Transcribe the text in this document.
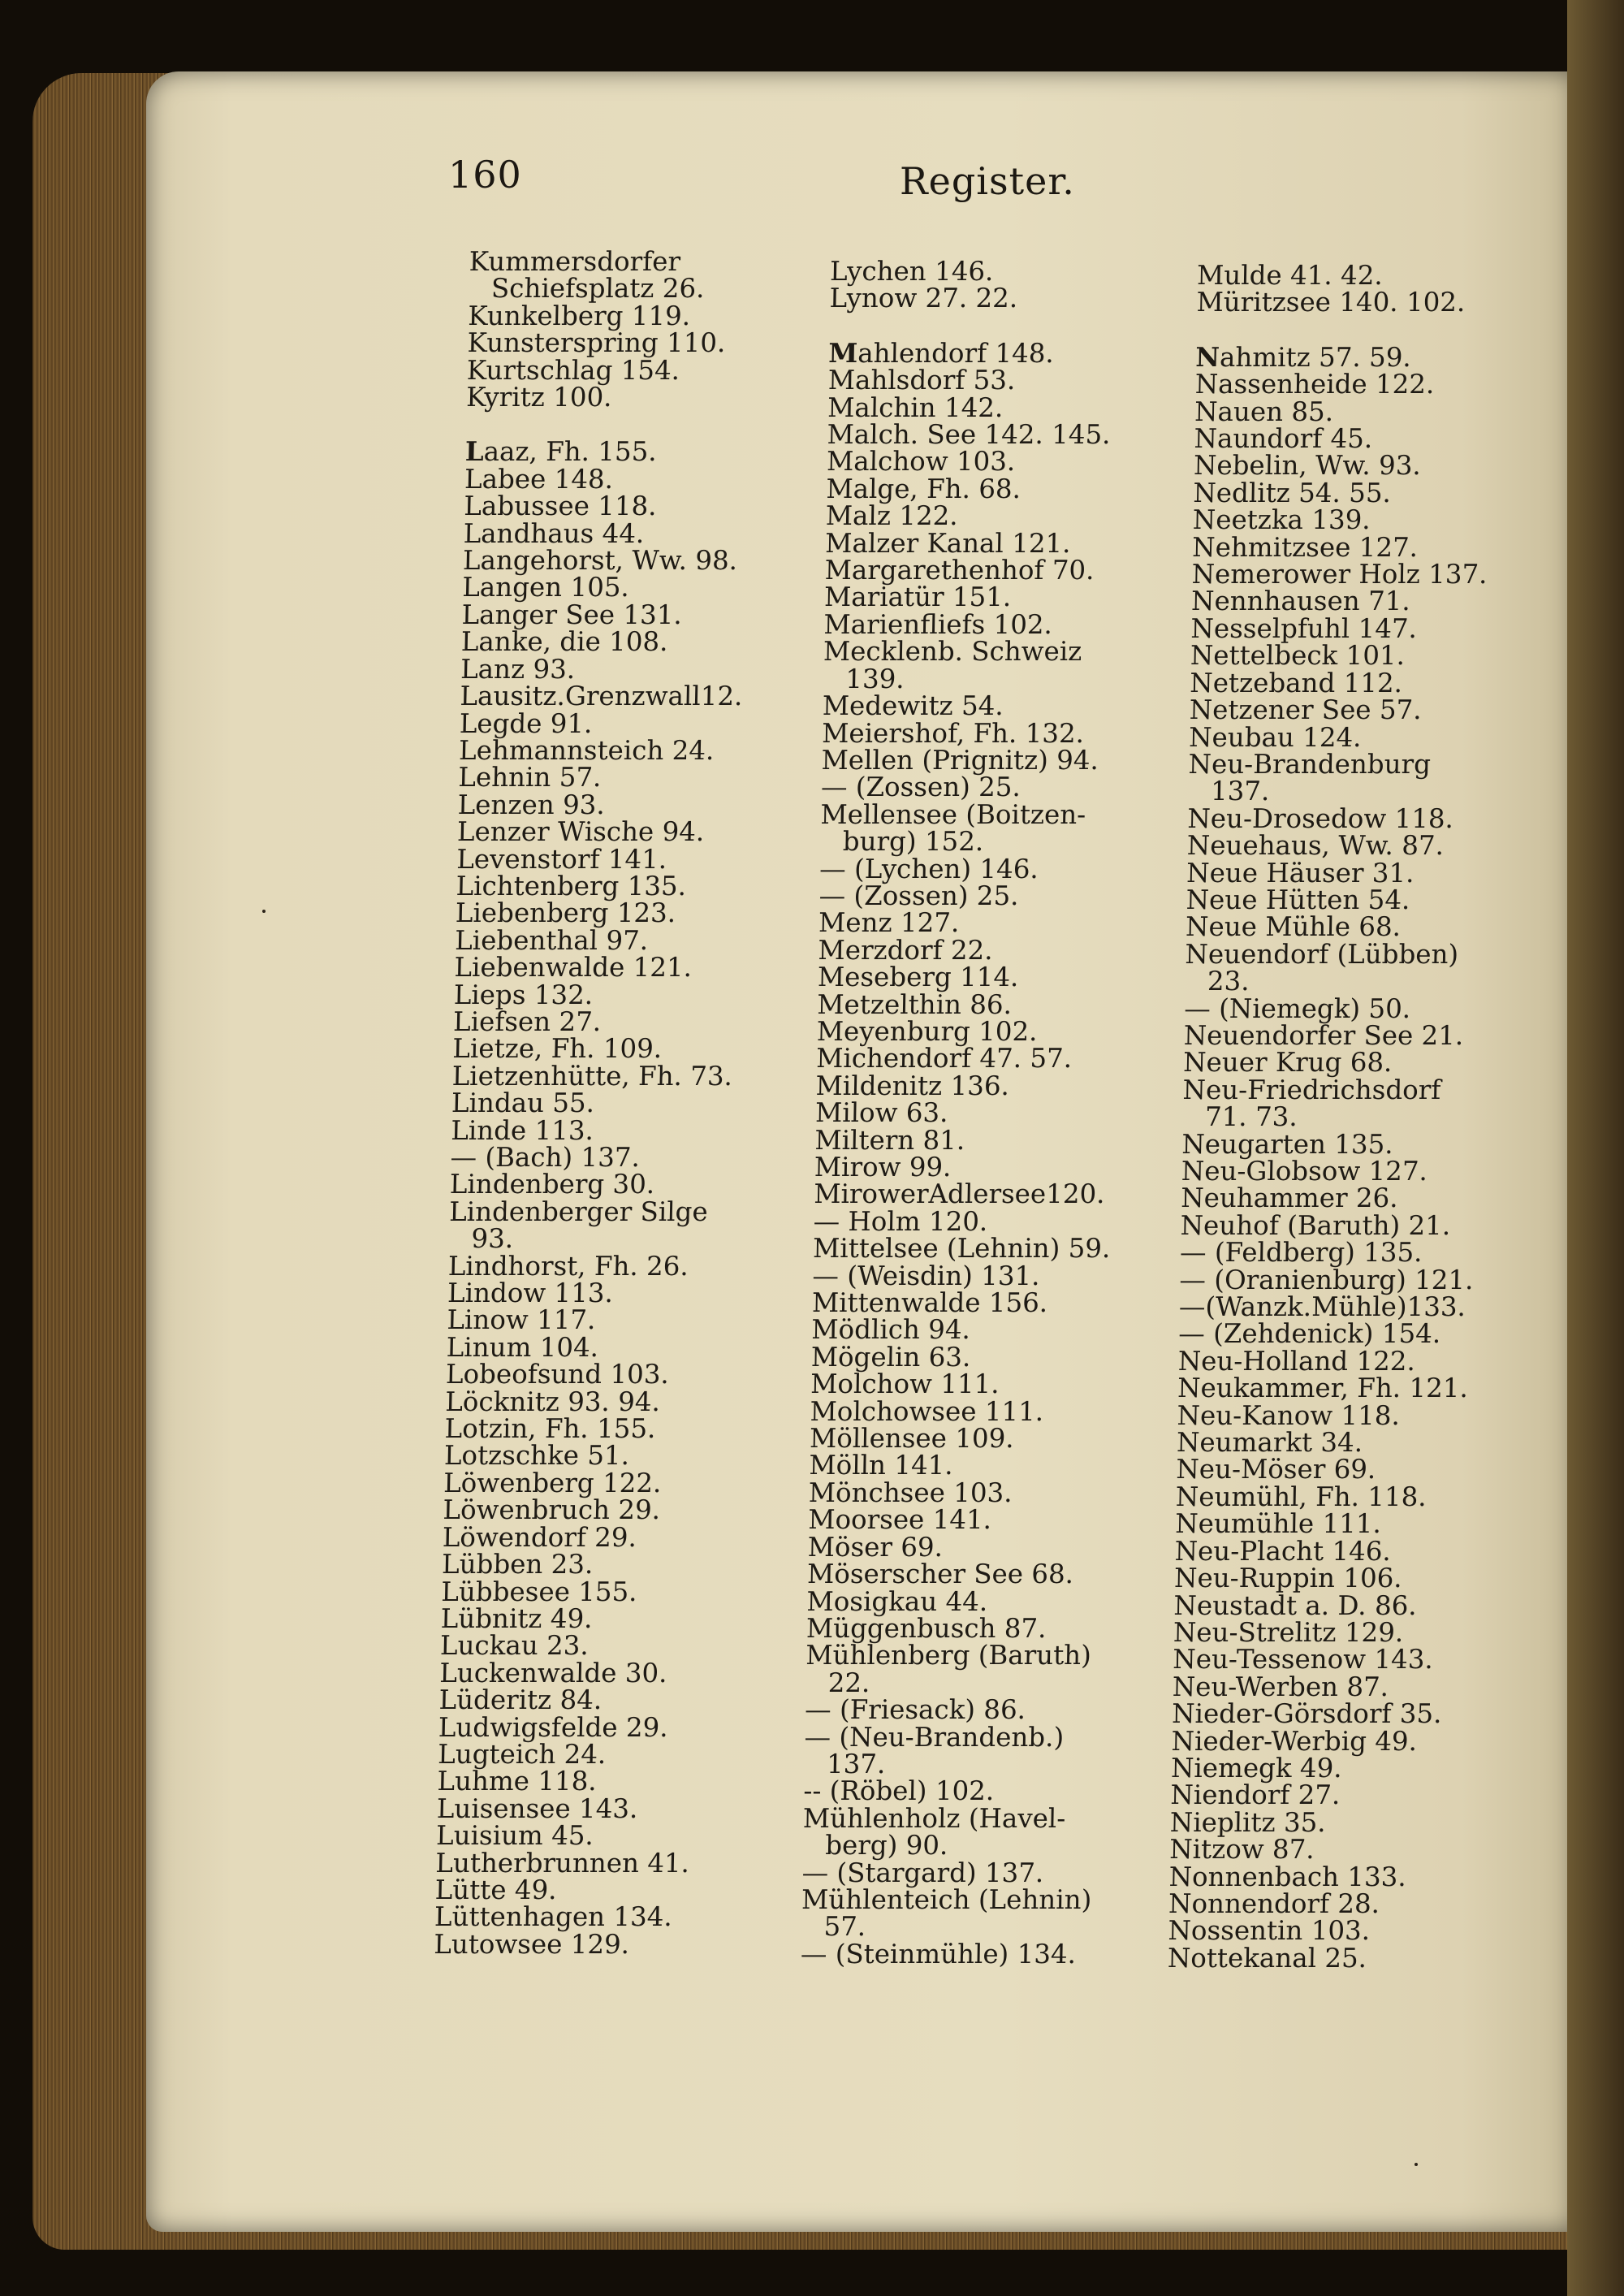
160	Register.
Kummersdorfer
Schiefsplatz 26.
Kunkelberg 119.
Kunsterspring 110.
Kurtschlag 154.
Kyritz 100.
Laaz, Fh. 155.
Labee 148.
Labussee 118.
Landhaus 44.
Langehorst, Ww. 98.
Langen 105.
Langer See 131.
Lanke, die 108.
Lanz 93.
Lausitz.Grenzwall12.
Legde 91.
Lehmannsteich 24.
Lehnin 57.
Lenzen 93.
Lenzer Wische 94.
Levenstorf 141.
Lichtenberg 135.
Liebenberg 123.
Liebenthal 97.
Liebenwalde 121.
Lieps 132.
Liefsen 27.
Lietze, Fh. 109.
Lietzenhütte, Fh. 73.
Lindau 55.
Linde 113.
— (Bach) 137.
Lindenberg 30.
Lindenberger Silge
93.
Lindhorst, Fh. 26.
Lindow 113.
Linow 117.
Linum 104.
Lobeofsund 103.
Löcknitz 93. 94.
Lotzin, Fh. 155.
Lotzschke 51.
Löwenberg 122.
Löwenbruch 29.
Löwendorf 29.
Lübben 23.
Lübbesee 155.
Lübnitz 49.
Luckau 23.
Luckenwalde 30.
Lüderitz 84.
Ludwigsfelde 29.
Lugteich 24.
Luhme 118.
Luisensee 143.
Luisium 45.
Lutherbrunnen 41.
Lütte 49.
Lüttenhagen 134.
Lutowsee 129.
Lychen 146.
Lynow 27. 22.
Mahlendorf 148.
Mahlsdorf 53.
Malchin 142.
Malch. See 142. 145.
Malchow 103.
Malge, Fh. 68.
Malz 122.
Malzer Kanal 121.
Margarethenhof 70.
Mariatür 151.
Marienfliefs 102.
Mecklenb. Schweiz
139.
Medewitz 54.
Meiershof, Fh. 132.
Mellen (Prignitz) 94.
— (Zossen) 25.
Mellensee (Boitzen-
burg) 152.
— (Lychen) 146.
— (Zossen) 25.
Menz 127.
Merzdorf 22.
Meseberg 114.
Metzelthin 86.
Meyenburg 102.
Michendorf 47. 57.
Mildenitz 136.
Milow 63.
Miltern 81.
Mirow 99.
MirowerAdlersee120.
— Holm 120.
Mittelsee (Lehnin) 59.
— (Weisdin) 131.
Mittenwalde 156.
Mödlich 94.
Mögelin 63.
Molchow 111.
Molchowsee 111.
Möllensee 109.
Mölln 141.
Mönchsee 103.
Moorsee 141.
Möser 69.
Möserscher See 68.
Mosigkau 44.
Müggenbusch 87.
Mühlenberg (Baruth)
22.
— (Friesack) 86.
— (Neu-Brandenb.)
137.
-- (Röbel) 102.
Mühlenholz (Havel-
berg) 90.
— (Stargard) 137.
Mühlenteich (Lehnin)
57.
— (Steinmühle) 134.
Mulde 41. 42.
Müritzsee 140. 102.
Nahmitz 57. 59.
Nassenheide 122.
Nauen 85.
Naundorf 45.
Nebelin, Ww. 93.
Nedlitz 54. 55.
Neetzka 139.
Nehmitzsee 127.
Nemerower Holz 137.
Nennhausen 71.
Nesselpfuhl 147.
Nettelbeck 101.
Netzeband 112.
Netzener See 57.
Neubau 124.
Neu-Brandenburg
137.
Neu-Drosedow 118.
Neuehaus, Ww. 87.
Neue Häuser 31.
Neue Hütten 54.
Neue Mühle 68.
Neuendorf (Lübben)
23.
— (Niemegk) 50.
Neuendorfer See 21.
Neuer Krug 68.
Neu-Friedrichsdorf
71. 73.
Neugarten 135.
Neu-Globsow 127.
Neuhammer 26.
Neuhof (Baruth) 21.
— (Feldberg) 135.
— (Oranienburg) 121.
—(Wanzk.Mühle)133.
— (Zehdenick) 154.
Neu-Holland 122.
Neukammer, Fh. 121.
Neu-Kanow 118.
Neumarkt 34.
Neu-Möser 69.
Neumühl, Fh. 118.
Neumühle 111.
Neu-Placht 146.
Neu-Ruppin 106.
Neustadt a. D. 86.
Neu-Strelitz 129.
Neu-Tessenow 143.
Neu-Werben 87.
Nieder-Görsdorf 35.
Nieder-Werbig 49.
Niemegk 49.
Niendorf 27.
Nieplitz 35.
Nitzow 87.
Nonnenbach 133.
Nonnendorf 28.
Nossentin 103.
Nottekanal 25.
